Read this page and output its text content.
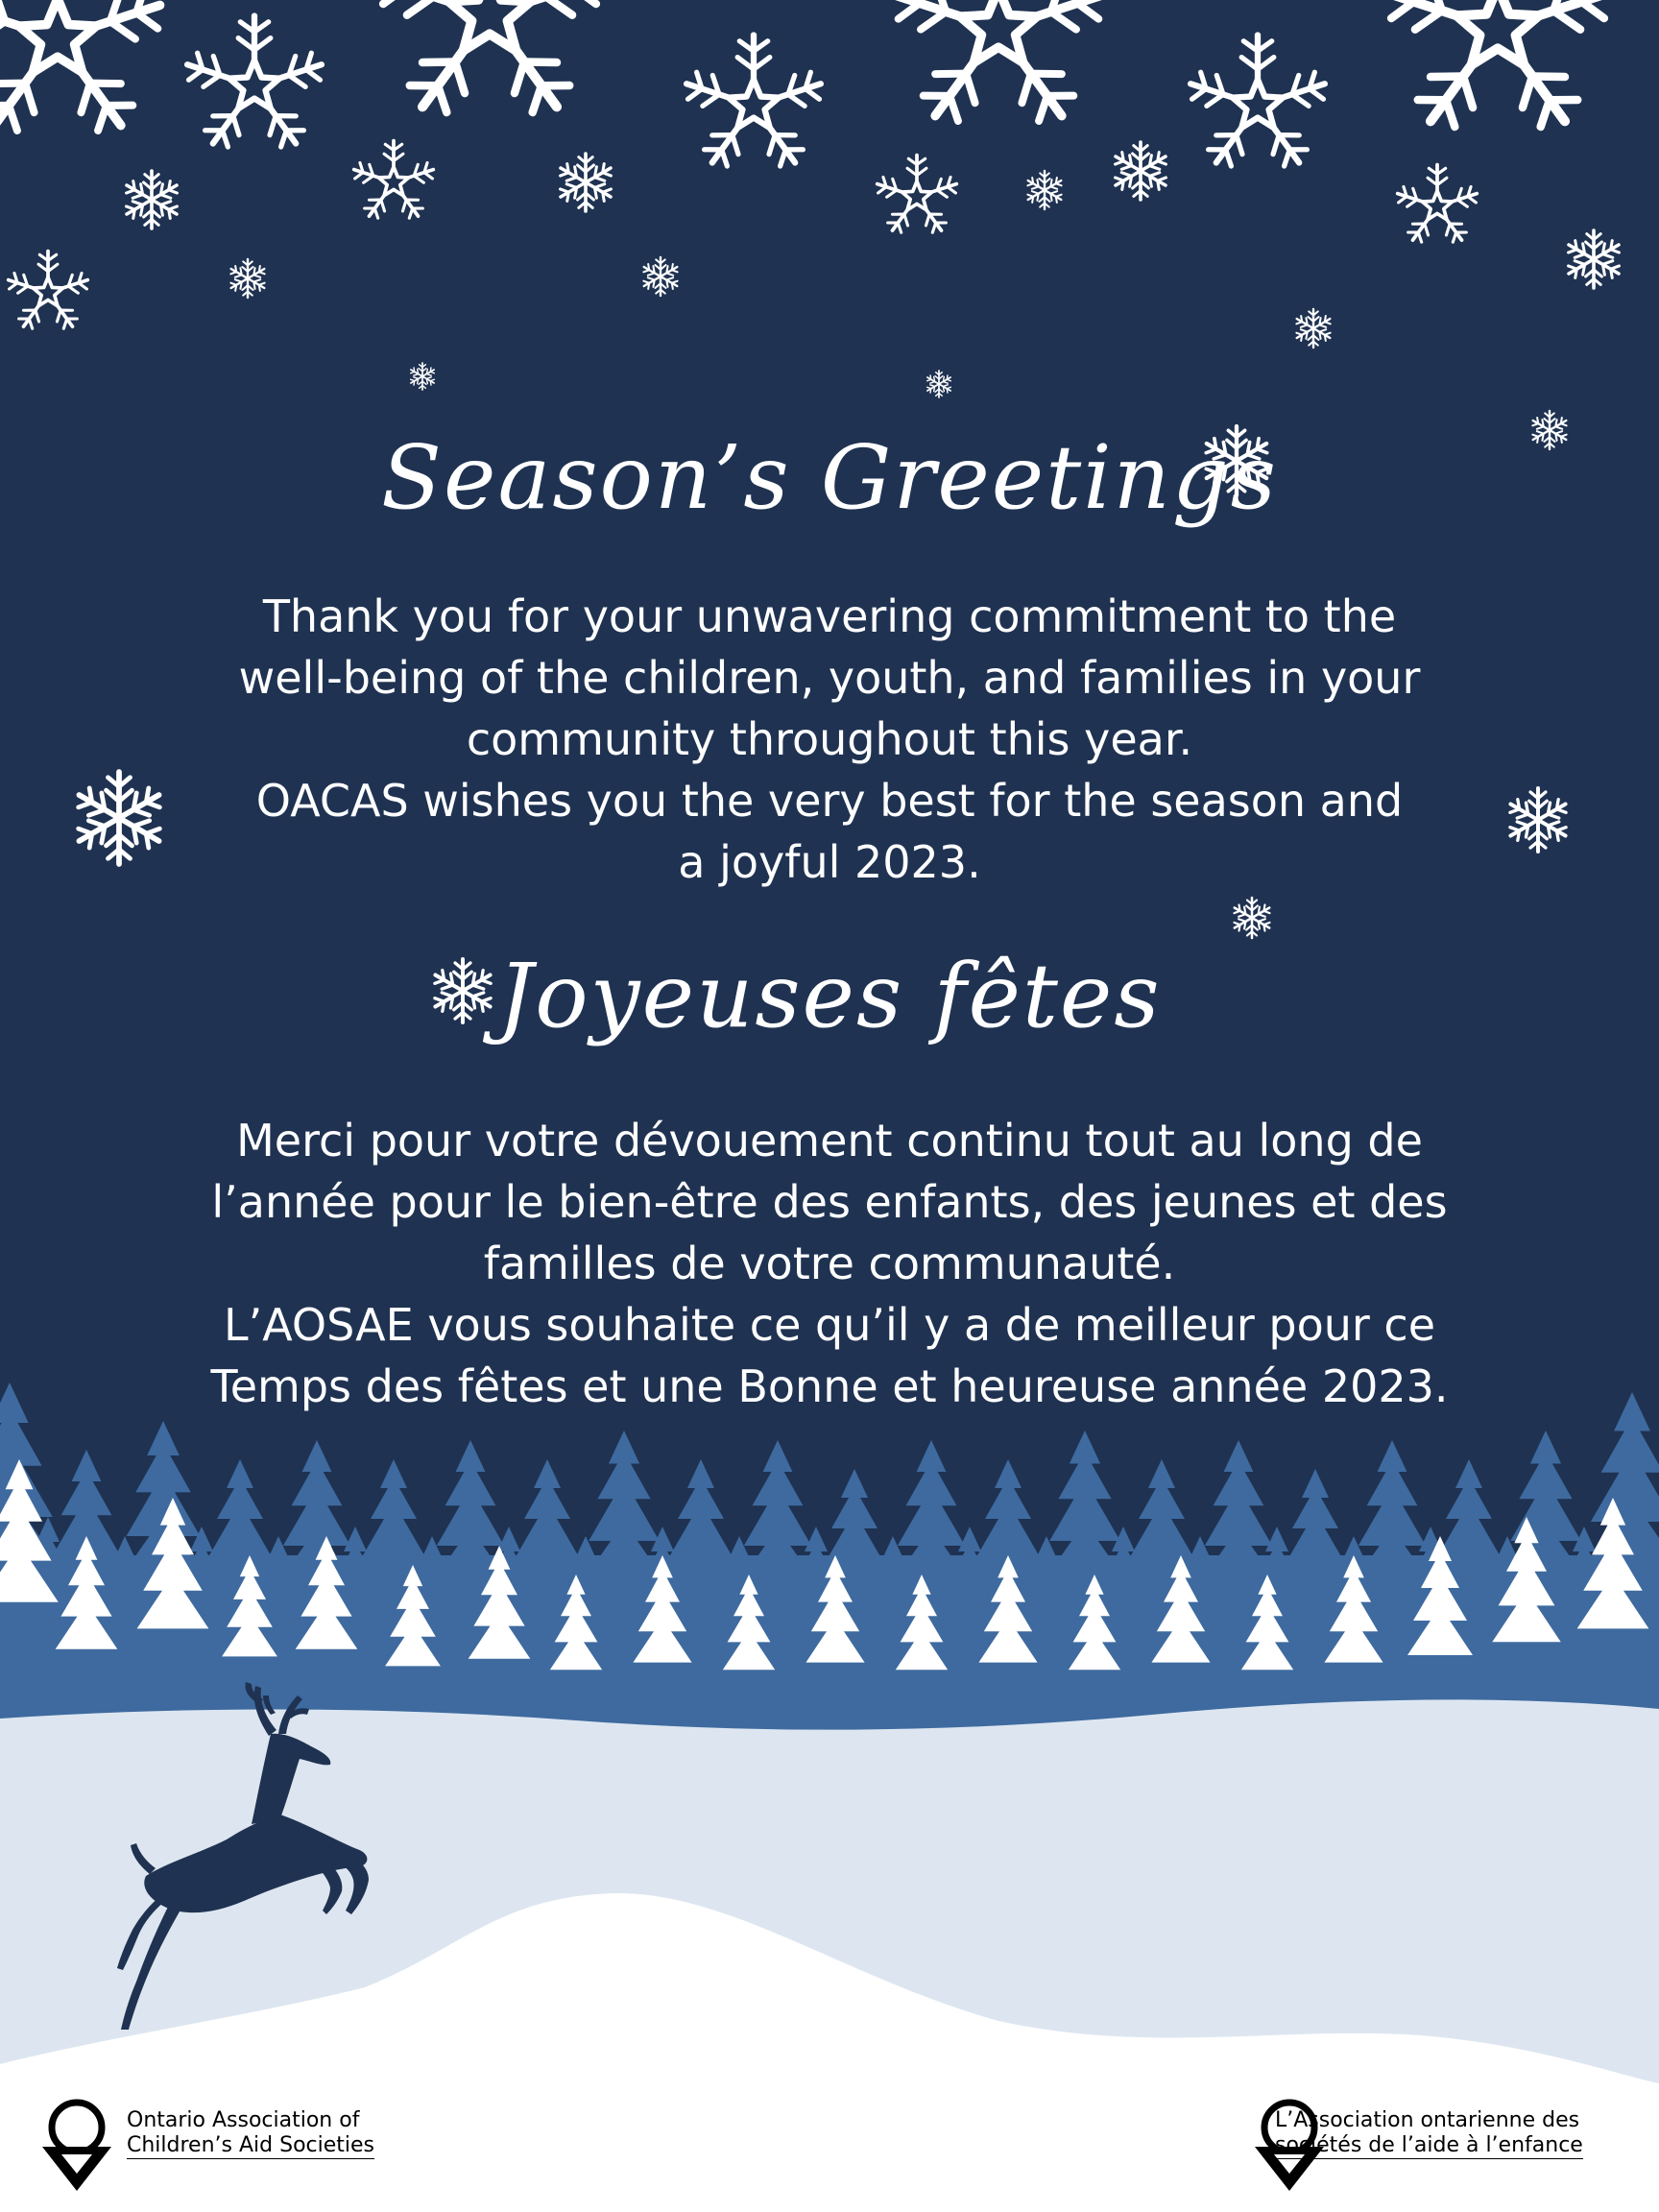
Season’s Greetings
Thank you for your unwavering commitment to the
well-being of the children, youth, and families in your
community throughout this year.
OACAS wishes you the very best for the season and
a joyful 2023.
Joyeuses fêtes
Merci pour votre dévouement continu tout au long de
l’année pour le bien-être des enfants, des jeunes et des
familles de votre communauté.
L’AOSAE vous souhaite ce qu’il y a de meilleur pour ce
Temps des fêtes et une Bonne et heureuse année 2023.
Ontario Association of
Children’s Aid Societies
L’Association ontarienne des
sociétés de l’aide à l’enfance
